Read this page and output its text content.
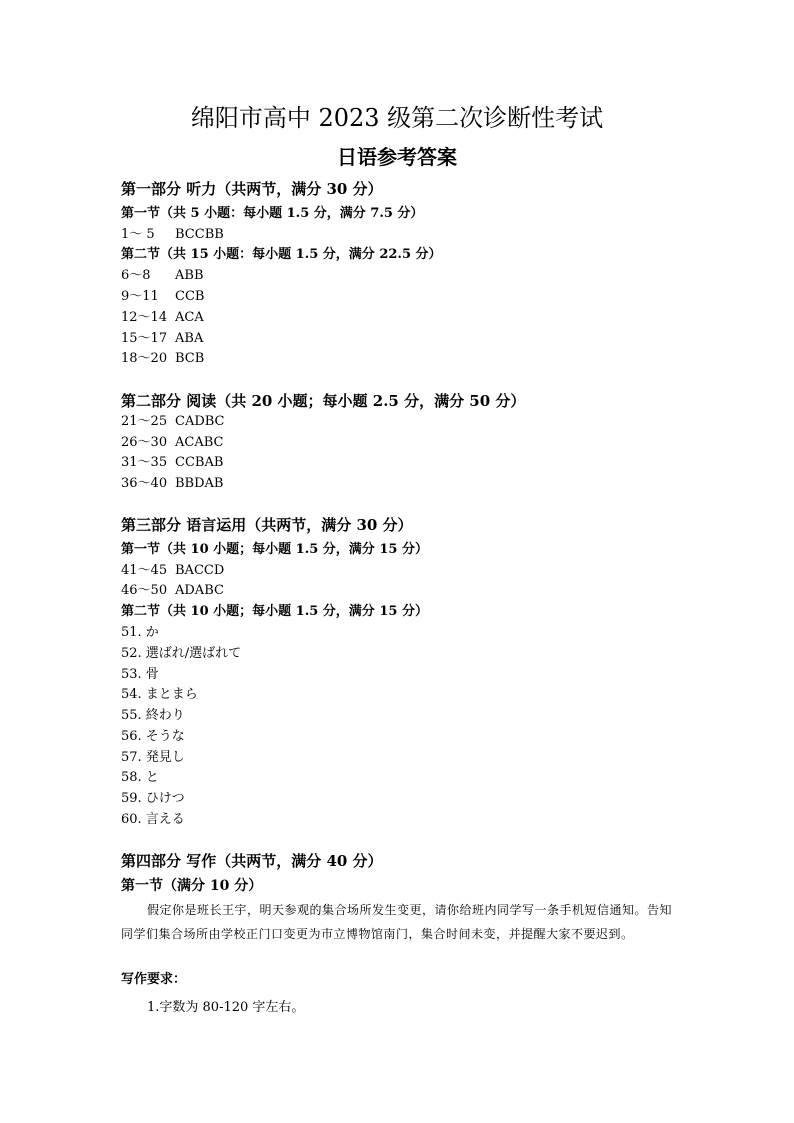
绵阳市高中 2023 级第二次诊断性考试
日语参考答案
第一部分 听力（共两节，满分 30 分）
第一节（共 5 小题：每小题 1.5 分，满分 7.5 分）
1～ 5 BCCBB
第二节（共 15 小题：每小题 1.5 分，满分 22.5 分）
6～8 ABB
9～11 CCB
12～14 ACA
15～17 ABA
18～20 BCB
第二部分 阅读（共 20 小题；每小题 2.5 分，满分 50 分）
21～25 CADBC
26～30 ACABC
31～35 CCBAB
36～40 BBDAB
第三部分 语言运用（共两节，满分 30 分）
第一节（共 10 小题；每小题 1.5 分，满分 15 分）
41～45 BACCD
46～50 ADABC
第二节（共 10 小题；每小题 1.5 分，满分 15 分）
51. か
52. 選ばれ/選ばれて
53. 骨
54. まとまら
55. 終わり
56. そうな
57. 発見し
58. と
59. ひけつ
60. 言える
第四部分 写作（共两节，满分 40 分）
第一节（满分 10 分）
假定你是班长王宇，明天参观的集合场所发生变更，请你给班内同学写一条手机短信通知。告知同学们集合场所由学校正门口变更为市立博物馆南门，集合时间未变，并提醒大家不要迟到。
写作要求：
1.字数为 80-120 字左右。
